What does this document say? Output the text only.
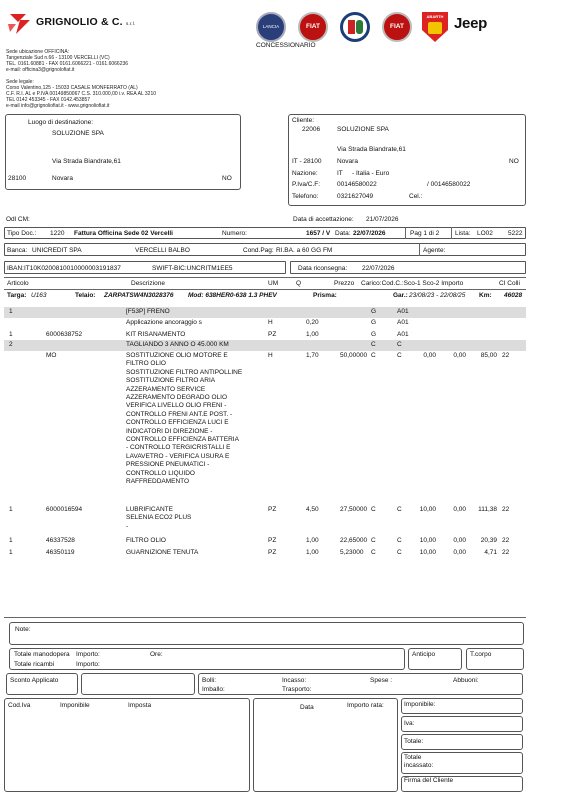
GRIGNOLIO & C. s.r.l.
Sede ubicazione OFFICINA:
Tangenziale Sud n.66 - 13100 VERCELLI (VC)
TEL. 0161.60881 - FAX 0161.6066221 - 0161.6066236
e-mail: officina3@grignolofiat.it
Sede legale:
Corso Valentino,125 - 15033 CASALE MONFERRATO (AL)
C.F. R.I. AL e P.IVA 00149850067 C.S. 310.000,00 i.v. REA AL 3210
TEL 0142 453345 - FAX 0142.453857
e-mail info@grignoliofiat.it - www.grignoliofiat.it
LANCIA	FIAT
ALFA ROMEO
FIAT
ABARTH Jeep
CONCESSIONARIO
Luogo di destinazione:
SOLUZIONE SPA
Via Strada Biandrate,61
28100	Novara	NO
Cliente:
22006	SOLUZIONE SPA
Via Strada Biandrate,61
IT - 28100 Novara	NO
Nazione:	IT - Italia - Euro
P.Iva/C.F:	00146580022	/ 00146580022
Telefono:	0321627049	Cel.:
Odl CM:	Data di accettazione: 21/07/2026
Tipo Doc.: 1220 Fattura Officina Sede 02 Vercelli	Numero:	1657 / V Data: 22/07/2026	Pag 1 di 2 Lista: LO02 5222
Banca: UNICREDIT SPA	VERCELLI BALBO	Cond.Pag: RI.BA. a 60 GG FM	Agente:
IBAN:IT10K0200810010000003191837	SWIFT-BIC:UNCRITM1EE5	Data riconsegna: 22/07/2026
Articolo	Descrizione	UM	Q	Prezzo Carico:Cod.C.:Sco-1 Sco-2 Importo	CI Colli
Targa: U163	Telaio: ZARPATSW4N3028376 Mod: 638HER0-638 1.3 PHEV	Prisma:	Gar.: 23/08/23 - 22/08/25 Km: 46028
1	G	A01
[F53P] FRENO
H	0,20	G	A01
Applicazione ancoraggio s
1	6000638752	PZ	1,00	G	A01
KIT RISANAMENTO
2	C	C
TAGLIANDO 3 ANNO O 45.000 KM
MO	H	1,70	50,00000 C	C	0,00	0,00 85,00 22
SOSTITUZIONE OLIO MOTORE E
FILTRO OLIO
SOSTITUZIONE FILTRO ANTIPOLLINE
SOSTITUZIONE FILTRO ARIA
AZZERAMENTO SERVICE
AZZERAMENTO DEGRADO OLIO
VERIFICA LIVELLO OLIO FRENI -
CONTROLLO FRENI ANT.E POST. -
CONTROLLO EFFICIENZA LUCI E
INDICATORI DI DIREZIONE -
CONTROLLO EFFICIENZA BATTERIA
- CONTROLLO TERGICRISTALLI E
LAVAVETRO - VERIFICA USURA E
PRESSIONE PNEUMATICI -
CONTROLLO LIQUIDO
RAFFREDDAMENTO
1	6000016594	PZ	4,50	27,50000 C	C	10,00	0,00 111,38 22
LUBRIFICANTE
SELENIA ECO2 PLUS
-
1	46337528	PZ	1,00	22,65000 C	C	10,00	0,00 20,39 22
FILTRO OLIO
1	46350119	PZ	1,00	5,23000 C	C	10,00	0,00	4,71 22
GUARNIZIONE TENUTA
Note:
Totale manodopera Importo:	Ore:
Totale ricambi	Importo:
Anticipo	T.corpo
Sconto Applicato	Bolli:	Incasso:	Spese :	Abbuoni:
Imballo:	Trasporto:
Cod.Iva	Imponibile	Imposta	Data	Importo rata:	Imponibile:
Iva:
Totale:
Totale
incassato:
Firma del Cliente
